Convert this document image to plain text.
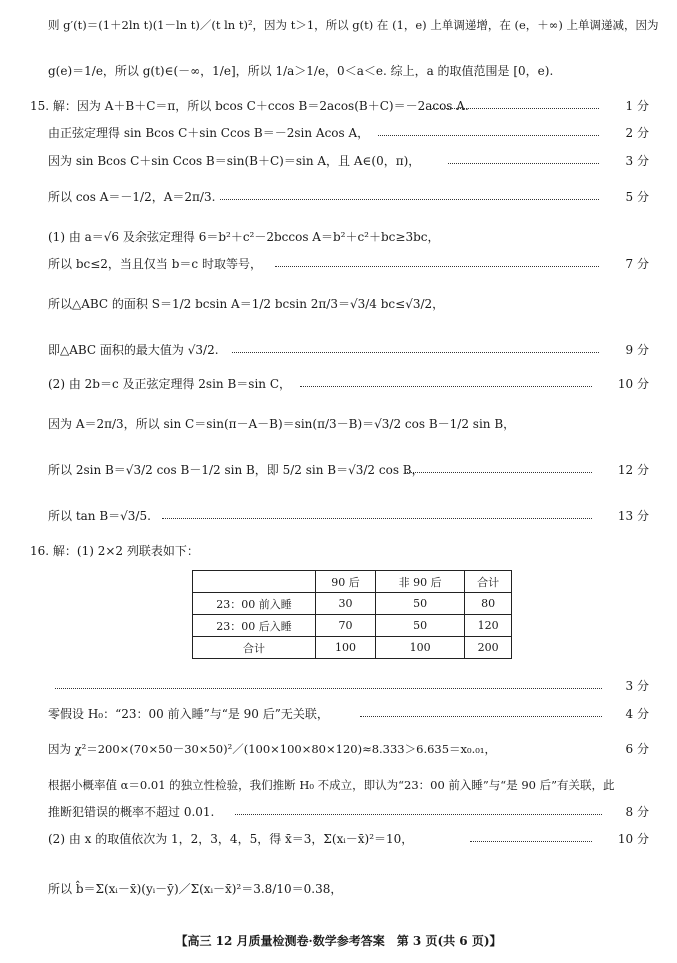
则 g′(t)＝(1＋2ln t)(1－ln t)／(t ln t)²，因为 t＞1，所以 g(t) 在 (1，e) 上单调递增，在 (e，＋∞) 上单调递减，因为
g(e)＝1/e，所以 g(t)∈(－∞，1/e]，所以 1/a＞1/e，0＜a＜e. 综上，a 的取值范围是 [0，e).
15. 解：因为 A＋B＋C＝π，所以 bcos C＋ccos B＝2acos(B＋C)＝－2acos A.	1 分
由正弦定理得 sin Bcos C＋sin Ccos B＝－2sin Acos A，	2 分
因为 sin Bcos C＋sin Ccos B＝sin(B＋C)＝sin A，且 A∈(0，π)，	3 分
所以 cos A＝－1/2，A＝2π/3.	5 分
(1) 由 a＝√6 及余弦定理得 6＝b²＋c²－2bccos A＝b²＋c²＋bc≥3bc，
所以 bc≤2，当且仅当 b＝c 时取等号，	7 分
所以△ABC 的面积 S＝1/2 bcsin A＝1/2 bcsin 2π/3＝√3/4 bc≤√3/2，
即△ABC 面积的最大值为 √3/2.	9 分
(2) 由 2b＝c 及正弦定理得 2sin B＝sin C，	10 分
因为 A＝2π/3，所以 sin C＝sin(π－A－B)＝sin(π/3－B)＝√3/2 cos B－1/2 sin B，
所以 2sin B＝√3/2 cos B－1/2 sin B，即 5/2 sin B＝√3/2 cos B，	12 分
所以 tan B＝√3/5.	13 分
16. 解：(1) 2×2 列联表如下：
	90 后	非 90 后	合计
23：00 前入睡	30	50	80
23：00 后入睡	70	50	120
合计	100	100	200
3 分
零假设 H₀：“23：00 前入睡”与“是 90 后”无关联，	4 分
因为 χ²＝200×(70×50－30×50)²／(100×100×80×120)≈8.333＞6.635＝x₀.₀₁，	6 分
根据小概率值 α＝0.01 的独立性检验，我们推断 H₀ 不成立，即认为“23：00 前入睡”与“是 90 后”有关联，此
推断犯错误的概率不超过 0.01.	8 分
(2) 由 x 的取值依次为 1，2，3，4，5，得 x̄＝3，Σ(xᵢ－x̄)²＝10，	10 分
所以 b̂＝Σ(xᵢ－x̄)(yᵢ－ȳ)／Σ(xᵢ－x̄)²＝3.8/10＝0.38，
【高三 12 月质量检测卷·数学参考答案　第 3 页(共 6 页)】
